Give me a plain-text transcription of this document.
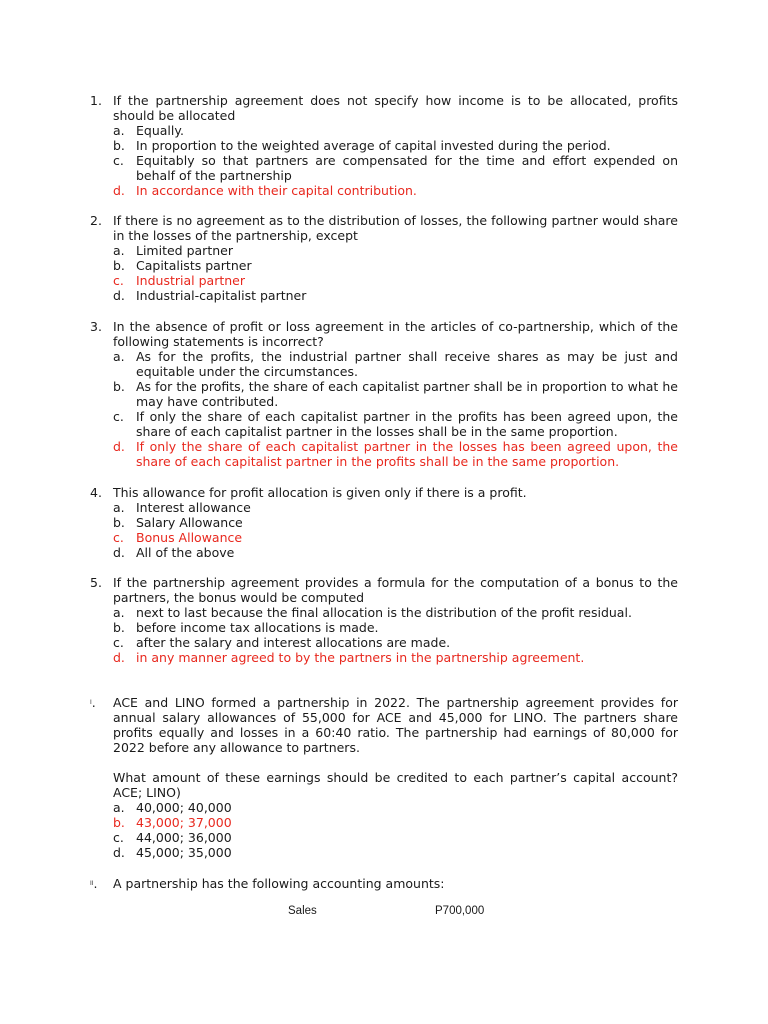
1. If the partnership agreement does not specify how income is to be allocated, profits should be allocated
a. Equally.
b. In proportion to the weighted average of capital invested during the period.
c. Equitably so that partners are compensated for the time and effort expended on behalf of the partnership
d. In accordance with their capital contribution.
2. If there is no agreement as to the distribution of losses, the following partner would share in the losses of the partnership, except
a. Limited partner
b. Capitalists partner
c. Industrial partner
d. Industrial-capitalist partner
3. In the absence of profit or loss agreement in the articles of co-partnership, which of the following statements is incorrect?
a. As for the profits, the industrial partner shall receive shares as may be just and equitable under the circumstances.
b. As for the profits, the share of each capitalist partner shall be in proportion to what he may have contributed.
c. If only the share of each capitalist partner in the profits has been agreed upon, the share of each capitalist partner in the losses shall be in the same proportion.
d. If only the share of each capitalist partner in the losses has been agreed upon, the share of each capitalist partner in the profits shall be in the same proportion.
4. This allowance for profit allocation is given only if there is a profit.
a. Interest allowance
b. Salary Allowance
c. Bonus Allowance
d. All of the above
5. If the partnership agreement provides a formula for the computation of a bonus to the partners, the bonus would be computed
a. next to last because the final allocation is the distribution of the profit residual.
b. before income tax allocations is made.
c. after the salary and interest allocations are made.
d. in any manner agreed to by the partners in the partnership agreement.
$^I$.	ACE and LINO formed a partnership in 2022. The partnership agreement provides for annual salary allowances of 55,000 for ACE and 45,000 for LINO. The partners share profits equally and losses in a 60:40 ratio. The partnership had earnings of 80,000 for 2022 before any allowance to partners.
What amount of these earnings should be credited to each partner’s capital account? ACE; LINO)
a. 40,000; 40,000
b. 43,000; 37,000
c. 44,000; 36,000
d. 45,000; 35,000
$^{II}$.	A partnership has the following accounting amounts:
Sales	P700,000
